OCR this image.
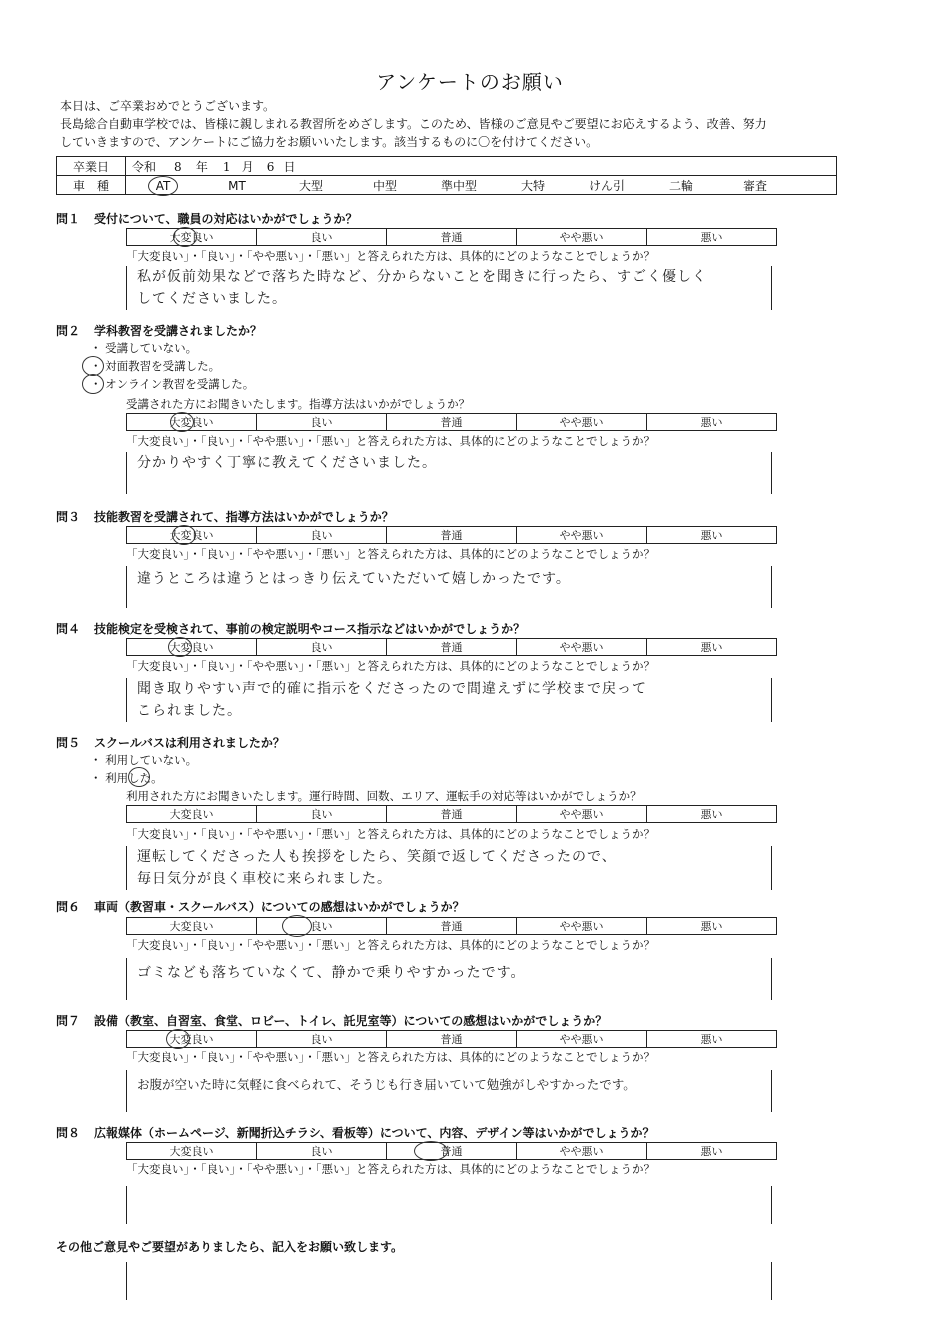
アンケートのお願い
本日は、ご卒業おめでとうございます。
長島総合自動車学校では、皆様に親しまれる教習所をめざします。このため、皆様のご意見やご要望にお応えするよう、改善、努力
していきますので、アンケートにご協力をお願いいたします。該当するものに〇を付けてください。
卒業日	令和 8 年 1 月 6 日
車　種	AT MT 大型 中型 準中型 大特 けん引 二輪 審査
問１ 受付について、職員の対応はいかがでしょうか？
大変良い	良い	普通	やや悪い	悪い
「大変良い」・「良い」・「やや悪い」・「悪い」と答えられた方は、具体的にどのようなことでしょうか？
私が仮前効果などで落ちた時など、分からないことを聞きに行ったら、すごく優しく
してくださいました。
問２ 学科教習を受講されましたか？
・ 受講していない。
・ 対面教習を受講した。
・ オンライン教習を受講した。
受講された方にお聞きいたします。指導方法はいかがでしょうか？
大変良い	良い	普通	やや悪い	悪い
「大変良い」・「良い」・「やや悪い」・「悪い」と答えられた方は、具体的にどのようなことでしょうか？
分かりやすく丁寧に教えてくださいました。
問３ 技能教習を受講されて、指導方法はいかがでしょうか？
大変良い	良い	普通	やや悪い	悪い
「大変良い」・「良い」・「やや悪い」・「悪い」と答えられた方は、具体的にどのようなことでしょうか？
違うところは違うとはっきり伝えていただいて嬉しかったです。
問４ 技能検定を受検されて、事前の検定説明やコース指示などはいかがでしょうか？
大変良い	良い	普通	やや悪い	悪い
「大変良い」・「良い」・「やや悪い」・「悪い」と答えられた方は、具体的にどのようなことでしょうか？
聞き取りやすい声で的確に指示をくださったので間違えずに学校まで戻って
こられました。
問５ スクールバスは利用されましたか？
・ 利用していない。
・ 利用した。
利用された方にお聞きいたします。運行時間、回数、エリア、運転手の対応等はいかがでしょうか？
大変良い	良い	普通	やや悪い	悪い
「大変良い」・「良い」・「やや悪い」・「悪い」と答えられた方は、具体的にどのようなことでしょうか？
運転してくださった人も挨拶をしたら、笑顔で返してくださったので、
毎日気分が良く車校に来られました。
問６ 車両（教習車・スクールバス）についての感想はいかがでしょうか？
大変良い	良い	普通	やや悪い	悪い
「大変良い」・「良い」・「やや悪い」・「悪い」と答えられた方は、具体的にどのようなことでしょうか？
ゴミなども落ちていなくて、静かで乗りやすかったです。
問７ 設備（教室、自習室、食堂、ロビー、トイレ、託児室等）についての感想はいかがでしょうか？
大変良い	良い	普通	やや悪い	悪い
「大変良い」・「良い」・「やや悪い」・「悪い」と答えられた方は、具体的にどのようなことでしょうか？
お腹が空いた時に気軽に食べられて、そうじも行き届いていて勉強がしやすかったです。
問８ 広報媒体（ホームページ、新聞折込チラシ、看板等）について、内容、デザイン等はいかがでしょうか？
大変良い	良い	普通	やや悪い	悪い
「大変良い」・「良い」・「やや悪い」・「悪い」と答えられた方は、具体的にどのようなことでしょうか？
その他ご意見やご要望がありましたら、記入をお願い致します。
